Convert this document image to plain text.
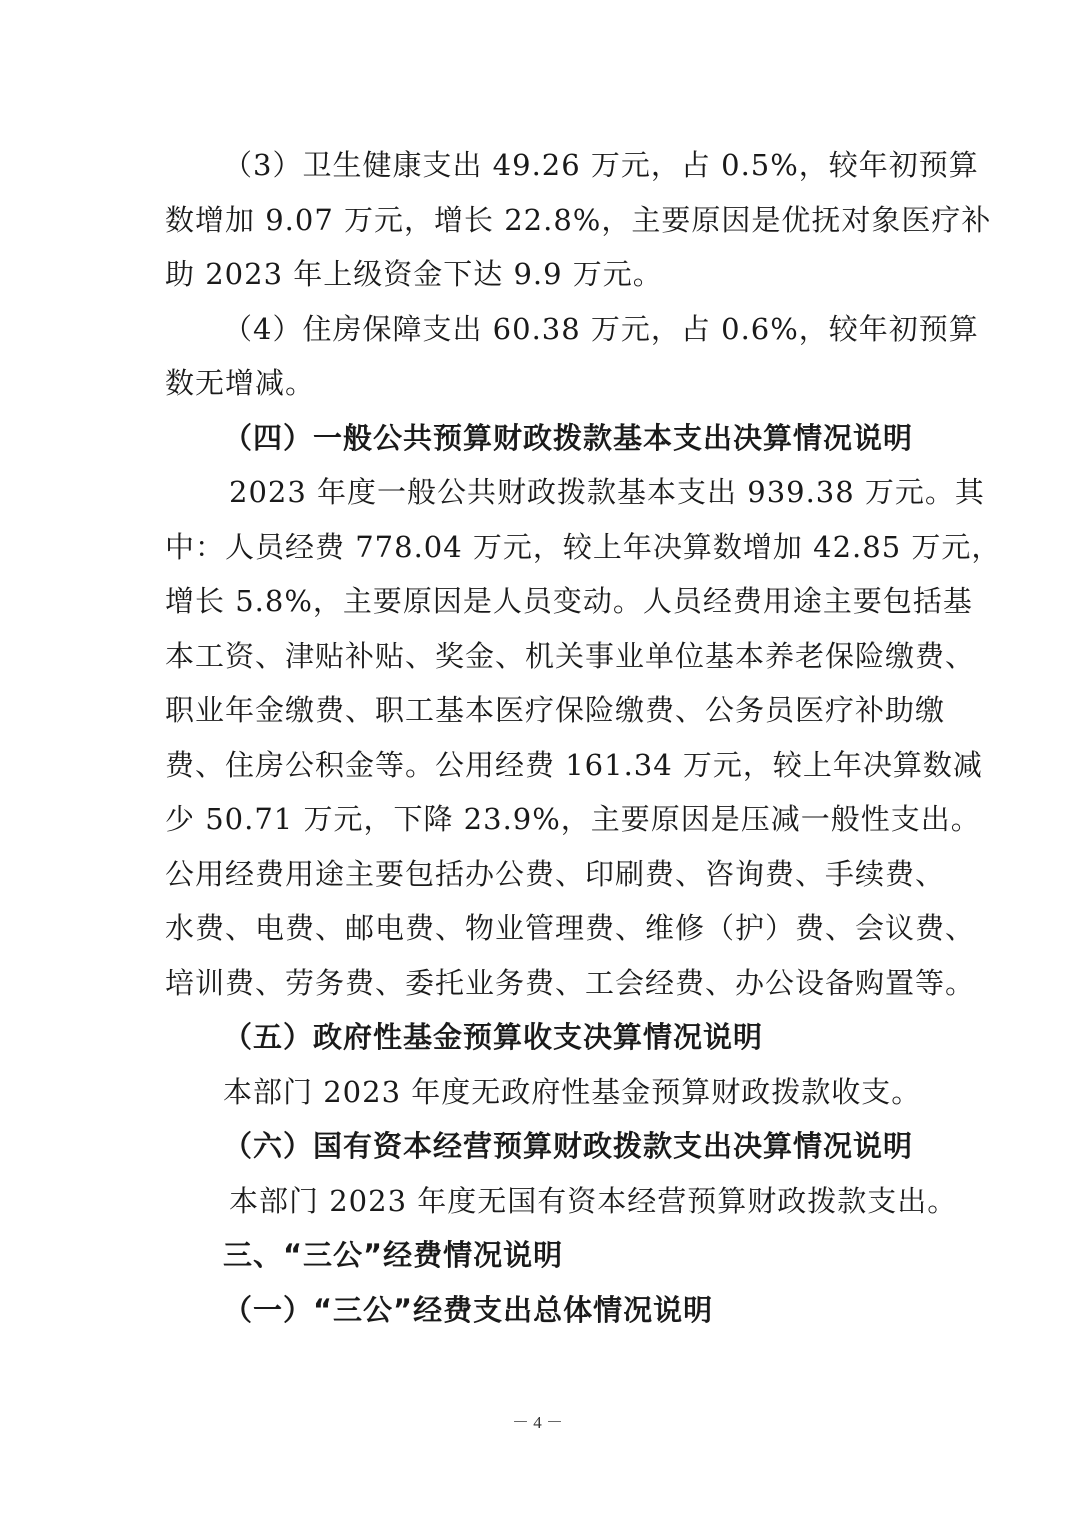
（3）卫生健康支出 49.26 万元，占 0.5%，较年初预算
数增加 9.07 万元，增长 22.8%，主要原因是优抚对象医疗补
助 2023 年上级资金下达 9.9 万元。
（4）住房保障支出 60.38 万元，占 0.6%，较年初预算
数无增减。
（四）一般公共预算财政拨款基本支出决算情况说明
2023 年度一般公共财政拨款基本支出 939.38 万元。其
中：人员经费 778.04 万元，较上年决算数增加 42.85 万元，
增长 5.8%，主要原因是人员变动。人员经费用途主要包括基
本工资、津贴补贴、奖金、机关事业单位基本养老保险缴费、
职业年金缴费、职工基本医疗保险缴费、公务员医疗补助缴
费、住房公积金等。公用经费 161.34 万元，较上年决算数减
少 50.71 万元，下降 23.9%，主要原因是压减一般性支出。
公用经费用途主要包括办公费、印刷费、咨询费、手续费、
水费、电费、邮电费、物业管理费、维修（护）费、会议费、
培训费、劳务费、委托业务费、工会经费、办公设备购置等。
（五）政府性基金预算收支决算情况说明
本部门 2023 年度无政府性基金预算财政拨款收支。
（六）国有资本经营预算财政拨款支出决算情况说明
本部门 2023 年度无国有资本经营预算财政拨款支出。
三、“三公”经费情况说明
（一）“三公”经费支出总体情况说明
－ 4 －
